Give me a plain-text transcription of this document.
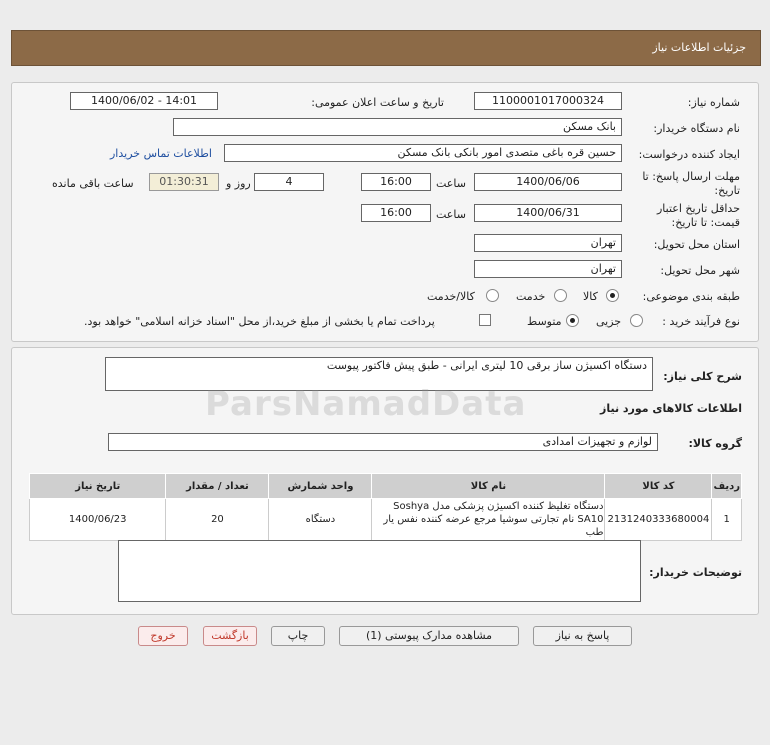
جزئیات اطلاعات نیاز
شماره نیاز:
1100001017000324
تاریخ و ساعت اعلان عمومی:
1400/06/02 - 14:01
نام دستگاه خریدار:
بانک مسکن
ایجاد کننده درخواست:
حسین قره باغی متصدی امور بانکی بانک مسکن
اطلاعات تماس خریدار
مهلت ارسال پاسخ: تا
تاریخ:
1400/06/06
ساعت
16:00
4
روز و
01:30:31
ساعت باقی مانده
حداقل تاریخ اعتبار
قیمت: تا تاریخ:
1400/06/31
ساعت
16:00
استان محل تحویل:
تهران
شهر محل تحویل:
تهران
طبقه بندی موضوعی:
کالا
خدمت
کالا/خدمت
نوع فرآیند خرید :
جزیی
متوسط
پرداخت تمام یا بخشی از مبلغ خرید،از محل "اسناد خزانه اسلامی" خواهد بود.
شرح کلی نیاز:
دستگاه اکسیژن ساز برقی 10 لیتری ایرانی - طبق پیش فاکتور پیوست
اطلاعات کالاهای مورد نیاز
گروه کالا:
لوازم و تجهیزات امدادی
ParsNamadData
ردیف	کد کالا	نام کالا	واحد شمارش	تعداد / مقدار	تاریخ نیاز
1	2131240333680004	دستگاه تغلیظ کننده اکسیژن پزشکی مدل Soshya SA10 نام تجارتی سوشیا مرجع عرضه کننده نفس یار طب	دستگاه	20	1400/06/23
توضیحات خریدار:
پاسخ به نیاز
مشاهده مدارک پیوستی (1)
چاپ
بازگشت
خروج
